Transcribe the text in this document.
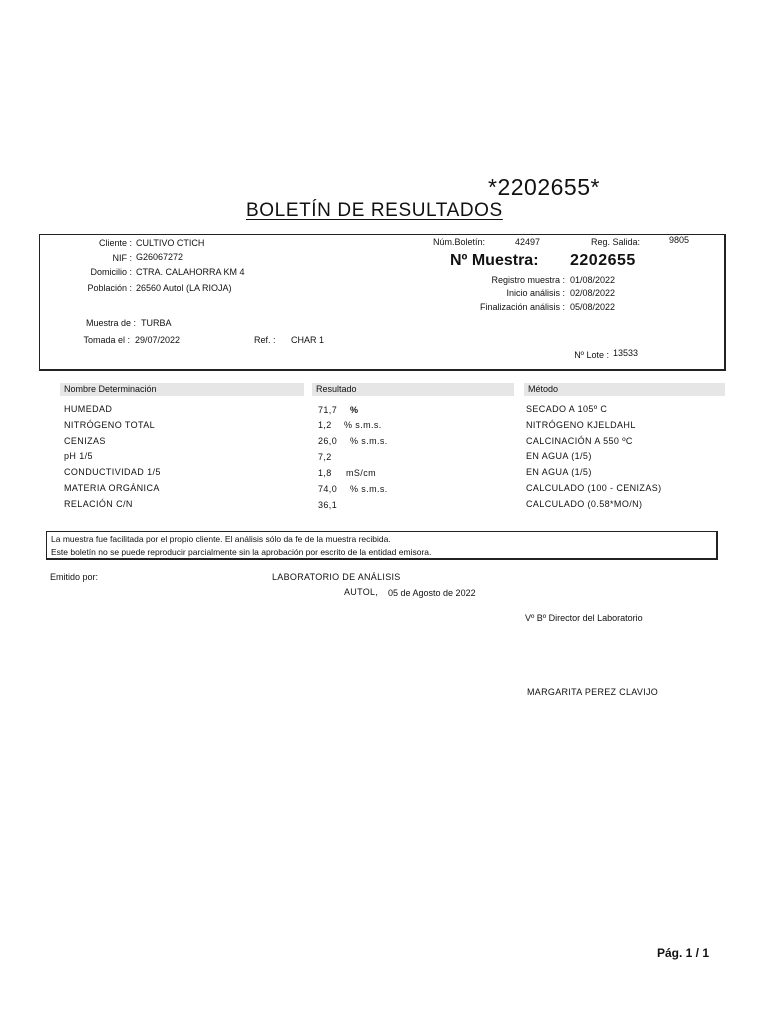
*2202655*
BOLETÍN DE RESULTADOS
Cliente : CULTIVO CTICH
NIF : G26067272
Domicilio : CTRA. CALAHORRA KM 4
Población : 26560 Autol (LA RIOJA)
Muestra de : TURBA
Tomada el : 29/07/2022	Ref. : CHAR 1
Núm.Boletín:	42497	Reg. Salida:	9805
Nº Muestra: 2202655
Registro muestra : 01/08/2022
Inicio análisis : 02/08/2022
Finalización análisis : 05/08/2022
Nº Lote : 13533
Nombre Determinación	Resultado	Método
HUMEDAD	71,7 %	SECADO A 105º C
NITRÓGENO TOTAL	1,2 % s.m.s.	NITRÓGENO KJELDAHL
CENIZAS	26,0 % s.m.s.	CALCINACIÓN A 550 ºC
pH 1/5	7,2	EN AGUA (1/5)
CONDUCTIVIDAD 1/5	1,8 mS/cm	EN AGUA (1/5)
MATERIA ORGÁNICA	74,0 % s.m.s.	CALCULADO (100 - CENIZAS)
RELACIÓN C/N	36,1	CALCULADO (0.58*MO/N)
La muestra fue facilitada por el propio cliente. El análisis sólo da fe de la muestra recibida.
Este boletín no se puede reproducir parcialmente sin la aprobación por escrito de la entidad emisora.
Emitido por:	LABORATORIO DE ANÁLISIS
AUTOL, 05 de Agosto de 2022
Vº Bº Director del Laboratorio
MARGARITA PEREZ CLAVIJO
Pág. 1 / 1
